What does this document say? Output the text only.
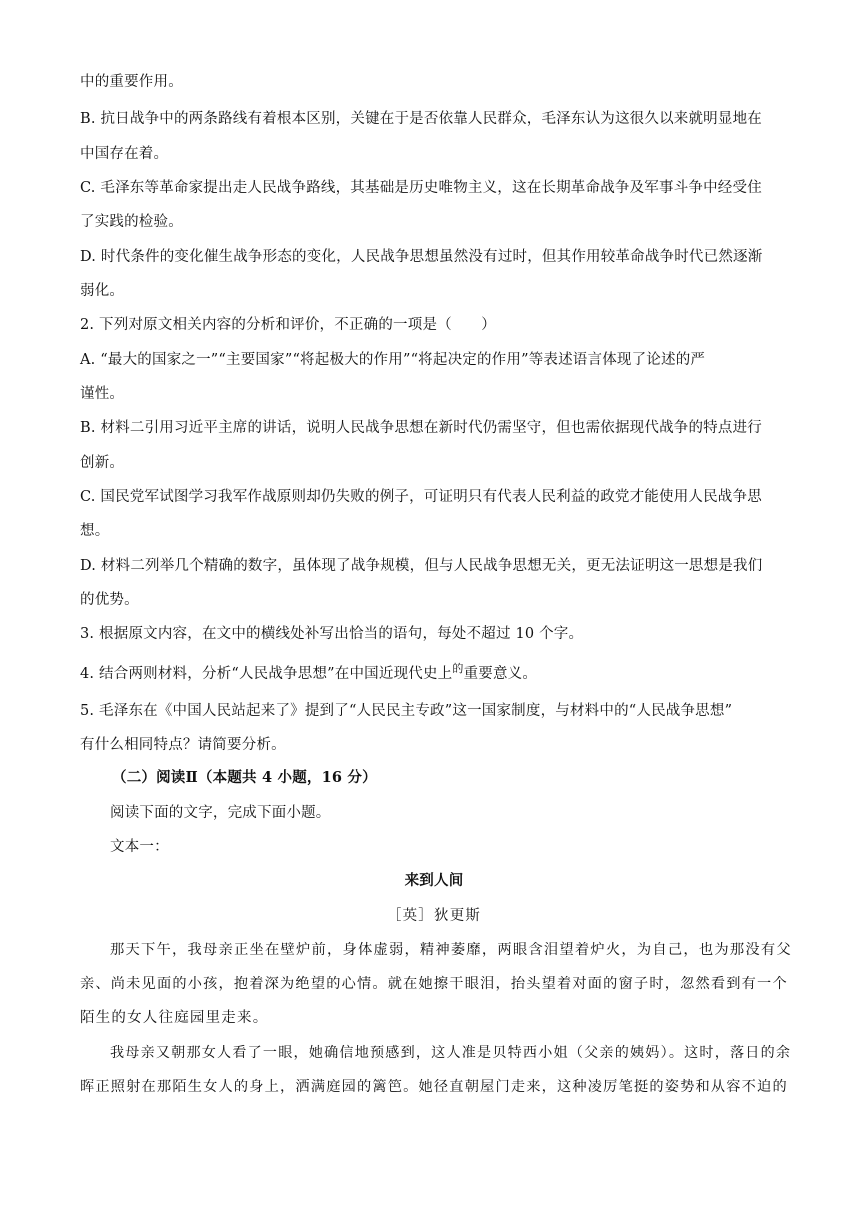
中的重要作用。
B. 抗日战争中的两条路线有着根本区别，关键在于是否依靠人民群众，毛泽东认为这很久以来就明显地在
中国存在着。
C. 毛泽东等革命家提出走人民战争路线，其基础是历史唯物主义，这在长期革命战争及军事斗争中经受住
了实践的检验。
D. 时代条件的变化催生战争形态的变化，人民战争思想虽然没有过时，但其作用较革命战争时代已然逐渐
弱化。
2. 下列对原文相关内容的分析和评价，不正确的一项是（　　）
A. “最大的国家之一”“主要国家”“将起极大的作用”“将起决定的作用”等表述语言体现了论述的严
谨性。
B. 材料二引用习近平主席的讲话，说明人民战争思想在新时代仍需坚守，但也需依据现代战争的特点进行
创新。
C. 国民党军试图学习我军作战原则却仍失败的例子，可证明只有代表人民利益的政党才能使用人民战争思
想。
D. 材料二列举几个精确的数字，虽体现了战争规模，但与人民战争思想无关，更无法证明这一思想是我们
的优势。
3. 根据原文内容，在文中的横线处补写出恰当的语句，每处不超过 10 个字。
4. 结合两则材料，分析“人民战争思想”在中国近现代史上$^的$重要意义。
5. 毛泽东在《中国人民站起来了》提到了“人民民主专政”这一国家制度，与材料中的“人民战争思想”
有什么相同特点？请简要分析。
（二）阅读Ⅱ（本题共 4 小题，16 分）
阅读下面的文字，完成下面小题。
文本一：
来到人间
［英］狄更斯
那天下午，我母亲正坐在壁炉前，身体虚弱，精神萎靡，两眼含泪望着炉火，为自己，也为那没有父
亲、尚未见面的小孩，抱着深为绝望的心情。就在她擦干眼泪，抬头望着对面的窗子时，忽然看到有一个
陌生的女人往庭园里走来。
我母亲又朝那女人看了一眼，她确信地预感到，这人准是贝特西小姐（父亲的姨妈）。这时，落日的余
晖正照射在那陌生女人的身上，洒满庭园的篱笆。她径直朝屋门走来，这种凌厉笔挺的姿势和从容不迫的
